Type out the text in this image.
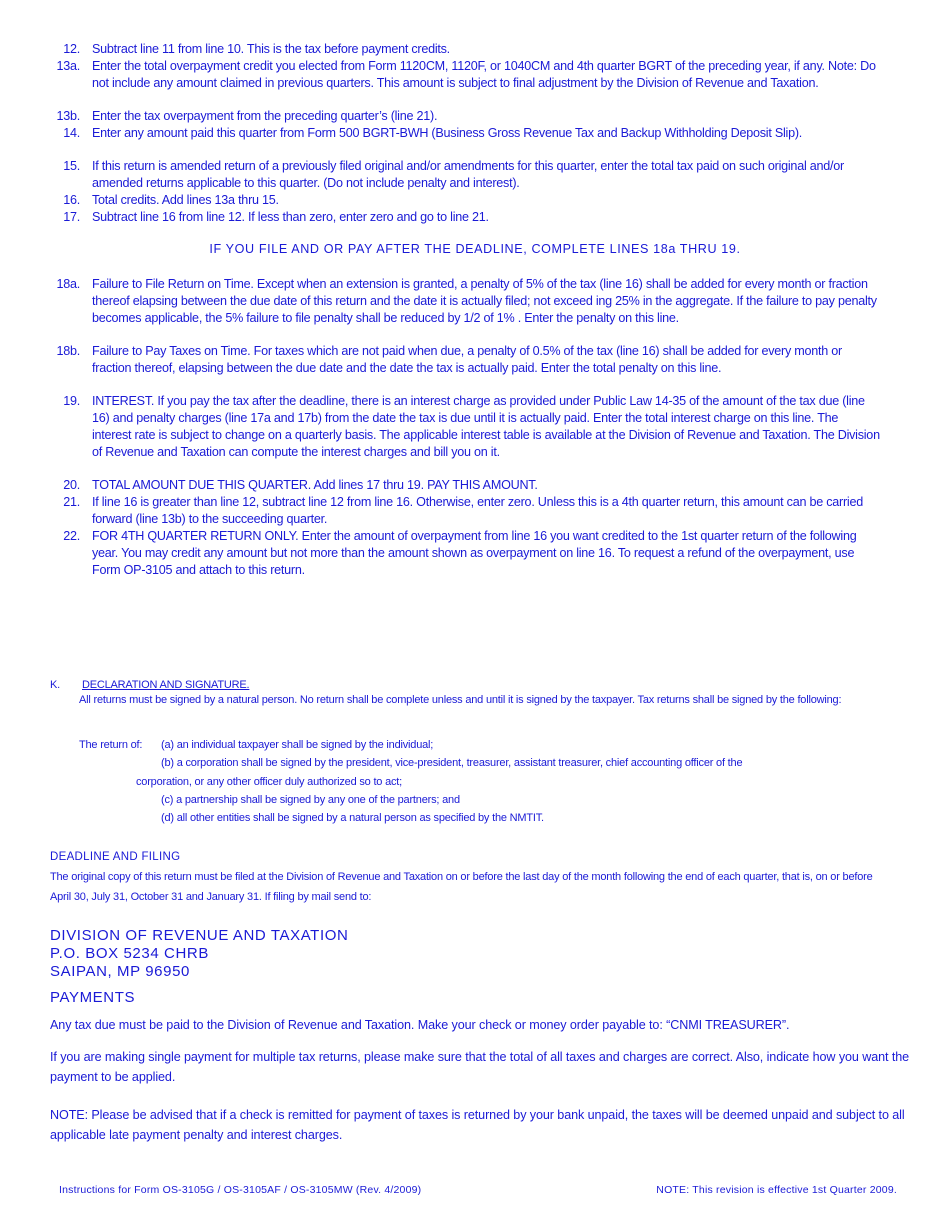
12. Subtract line 11 from line 10. This is the tax before payment credits.
13a. Enter the total overpayment credit you elected from Form 1120CM, 1120F, or 1040CM and 4th quarter BGRT of the preceding year, if any. Note: Do not include any amount claimed in previous quarters. This amount is subject to final adjustment by the Division of Revenue and Taxation.
13b. Enter the tax overpayment from the preceding quarter’s (line 21).
14. Enter any amount paid this quarter from Form 500 BGRT-BWH (Business Gross Revenue Tax and Backup Withholding Deposit Slip).
15. If this return is amended return of a previously filed original and/or amendments for this quarter, enter the total tax paid on such original and/or amended returns applicable to this quarter. (Do not include penalty and interest).
16. Total credits. Add lines 13a thru 15.
17. Subtract line 16 from line 12. If less than zero, enter zero and go to line 21.
IF YOU FILE AND OR PAY AFTER THE DEADLINE, COMPLETE LINES 18a THRU 19.
18a. Failure to File Return on Time. Except when an extension is granted, a penalty of 5% of the tax (line 16) shall be added for every month or fraction thereof elapsing between the due date of this return and the date it is actually filed; not exceed ing 25% in the aggregate. If the failure to pay penalty becomes applicable, the 5% failure to file penalty shall be reduced by 1/2 of 1% . Enter the penalty on this line.
18b. Failure to Pay Taxes on Time. For taxes which are not paid when due, a penalty of 0.5% of the tax (line 16) shall be added for every month or fraction thereof, elapsing between the due date and the date the tax is actually paid. Enter the total penalty on this line.
19. INTEREST. If you pay the tax after the deadline, there is an interest charge as provided under Public Law 14-35 of the amount of the tax due (line 16) and penalty charges (line 17a and 17b) from the date the tax is due until it is actually paid. Enter the total interest charge on this line. The interest rate is subject to change on a quarterly basis. The applicable interest table is available at the Division of Revenue and Taxation. The Division of Revenue and Taxation can compute the interest charges and bill you on it.
20. TOTAL AMOUNT DUE THIS QUARTER. Add lines 17 thru 19. PAY THIS AMOUNT.
21. If line 16 is greater than line 12, subtract line 12 from line 16. Otherwise, enter zero. Unless this is a 4th quarter return, this amount can be carried forward (line 13b) to the succeeding quarter.
22. FOR 4TH QUARTER RETURN ONLY. Enter the amount of overpayment from line 16 you want credited to the 1st quarter return of the following year. You may credit any amount but not more than the amount shown as overpayment on line 16. To request a refund of the overpayment, use Form OP-3105 and attach to this return.
K. DECLARATION AND SIGNATURE.
All returns must be signed by a natural person. No return shall be complete unless and until it is signed by the taxpayer. Tax returns shall be signed by the following:
The return of: (a) an individual taxpayer shall be signed by the individual;
(b) a corporation shall be signed by the president, vice-president, treasurer, assistant treasurer, chief accounting officer of the
corporation, or any other officer duly authorized so to act;
(c) a partnership shall be signed by any one of the partners; and
(d) all other entities shall be signed by a natural person as specified by the NMTIT.
DEADLINE AND FILING
The original copy of this return must be filed at the Division of Revenue and Taxation on or before the last day of the month following the end of each quarter, that is, on or before April 30, July 31, October 31 and January 31. If filing by mail send to:
DIVISION OF REVENUE AND TAXATION
P.O. BOX 5234 CHRB
SAIPAN, MP 96950
PAYMENTS
Any tax due must be paid to the Division of Revenue and Taxation. Make your check or money order payable to: “CNMI TREASURER”.
If you are making single payment for multiple tax returns, please make sure that the total of all taxes and charges are correct. Also, indicate how you want the payment to be applied.
NOTE: Please be advised that if a check is remitted for payment of taxes is returned by your bank unpaid, the taxes will be deemed unpaid and subject to all applicable late payment penalty and interest charges.
Instructions for Form OS-3105G / OS-3105AF / OS-3105MW (Rev. 4/2009)	NOTE: This revision is effective 1st Quarter 2009.
